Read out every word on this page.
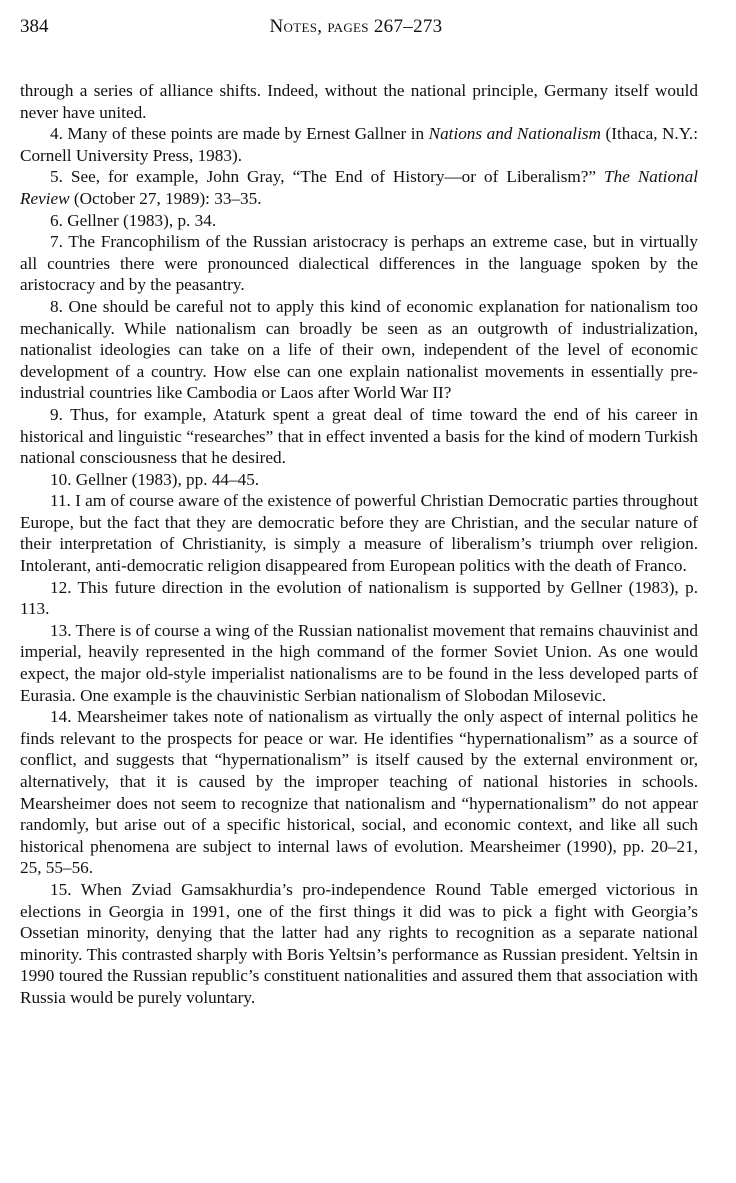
384	Notes, pages 267–273

through a series of alliance shifts. Indeed, without the national principle, Germany itself would never have united.

4. Many of these points are made by Ernest Gallner in Nations and Nationalism (Ithaca, N.Y.: Cornell University Press, 1983).

5. See, for example, John Gray, “The End of History—or of Liberalism?” The National Review (October 27, 1989): 33–35.

6. Gellner (1983), p. 34.

7. The Francophilism of the Russian aristocracy is perhaps an extreme case, but in virtually all countries there were pronounced dialectical differences in the language spoken by the aristocracy and by the peasantry.

8. One should be careful not to apply this kind of economic explanation for nationalism too mechanically. While nationalism can broadly be seen as an outgrowth of industrialization, nationalist ideologies can take on a life of their own, independent of the level of economic development of a country. How else can one explain nationalist movements in essentially pre-industrial countries like Cambodia or Laos after World War II?

9. Thus, for example, Ataturk spent a great deal of time toward the end of his career in historical and linguistic “researches” that in effect invented a basis for the kind of modern Turkish national consciousness that he desired.

10. Gellner (1983), pp. 44–45.

11. I am of course aware of the existence of powerful Christian Democratic parties throughout Europe, but the fact that they are democratic before they are Christian, and the secular nature of their interpretation of Christianity, is simply a measure of liberalism’s triumph over religion. Intolerant, anti-democratic religion disappeared from European politics with the death of Franco.

12. This future direction in the evolution of nationalism is supported by Gellner (1983), p. 113.

13. There is of course a wing of the Russian nationalist movement that remains chauvinist and imperial, heavily represented in the high command of the former Soviet Union. As one would expect, the major old-style imperialist nationalisms are to be found in the less developed parts of Eurasia. One example is the chauvinistic Serbian nationalism of Slobodan Milosevic.

14. Mearsheimer takes note of nationalism as virtually the only aspect of internal politics he finds relevant to the prospects for peace or war. He identifies “hypernationalism” as a source of conflict, and suggests that “hypernationalism” is itself caused by the external environment or, alternatively, that it is caused by the improper teaching of national histories in schools. Mearsheimer does not seem to recognize that nationalism and “hypernationalism” do not appear randomly, but arise out of a specific historical, social, and economic context, and like all such historical phenomena are subject to internal laws of evolution. Mearsheimer (1990), pp. 20–21, 25, 55–56.

15. When Zviad Gamsakhurdia’s pro-independence Round Table emerged victorious in elections in Georgia in 1991, one of the first things it did was to pick a fight with Georgia’s Ossetian minority, denying that the latter had any rights to recognition as a separate national minority. This contrasted sharply with Boris Yeltsin’s performance as Russian president. Yeltsin in 1990 toured the Russian republic’s constituent nationalities and assured them that association with Russia would be purely voluntary.
